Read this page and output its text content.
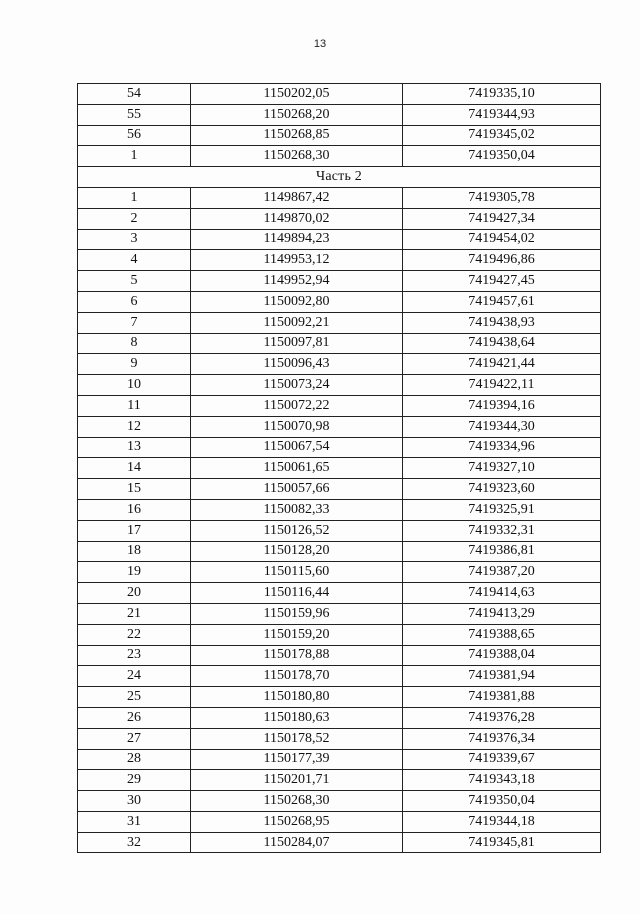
13
54	1150202,05	7419335,10
55	1150268,20	7419344,93
56	1150268,85	7419345,02
1	1150268,30	7419350,04
Часть 2		
1	1149867,42	7419305,78
2	1149870,02	7419427,34
3	1149894,23	7419454,02
4	1149953,12	7419496,86
5	1149952,94	7419427,45
6	1150092,80	7419457,61
7	1150092,21	7419438,93
8	1150097,81	7419438,64
9	1150096,43	7419421,44
10	1150073,24	7419422,11
11	1150072,22	7419394,16
12	1150070,98	7419344,30
13	1150067,54	7419334,96
14	1150061,65	7419327,10
15	1150057,66	7419323,60
16	1150082,33	7419325,91
17	1150126,52	7419332,31
18	1150128,20	7419386,81
19	1150115,60	7419387,20
20	1150116,44	7419414,63
21	1150159,96	7419413,29
22	1150159,20	7419388,65
23	1150178,88	7419388,04
24	1150178,70	7419381,94
25	1150180,80	7419381,88
26	1150180,63	7419376,28
27	1150178,52	7419376,34
28	1150177,39	7419339,67
29	1150201,71	7419343,18
30	1150268,30	7419350,04
31	1150268,95	7419344,18
32	1150284,07	7419345,81
